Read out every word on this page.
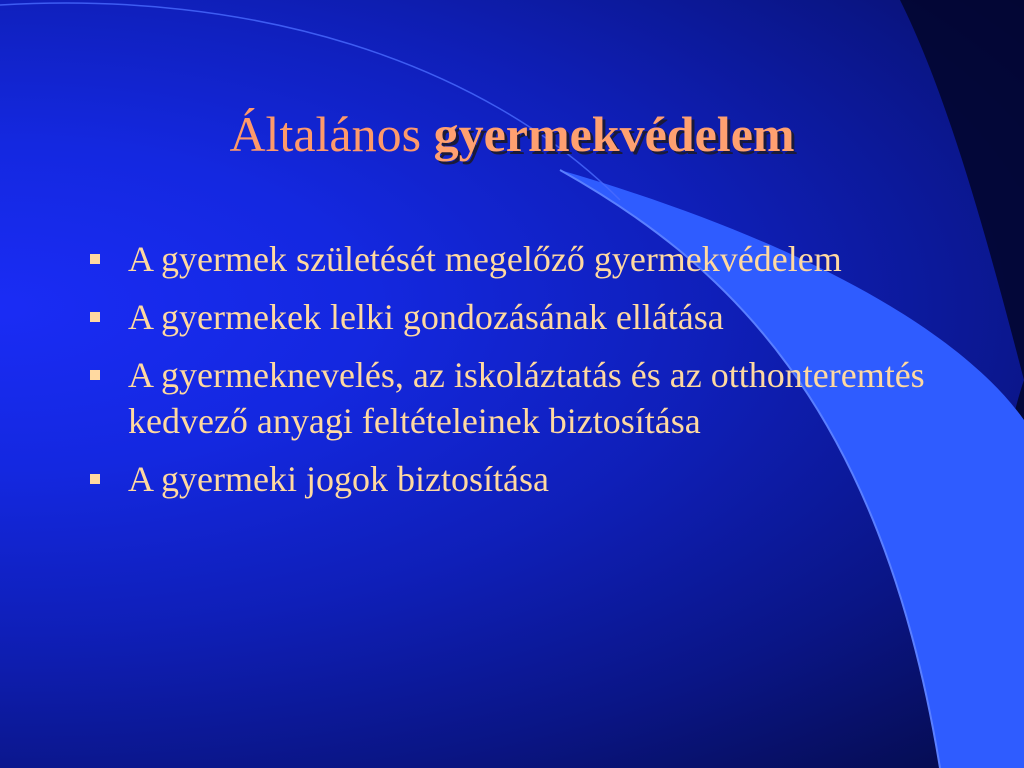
Általános gyermekvédelem
A gyermek születését megelőző gyermekvédelem
A gyermekek lelki gondozásának ellátása
A gyermeknevelés, az iskoláztatás és az otthonteremtés kedvező anyagi feltételeinek biztosítása
A gyermeki jogok biztosítása
